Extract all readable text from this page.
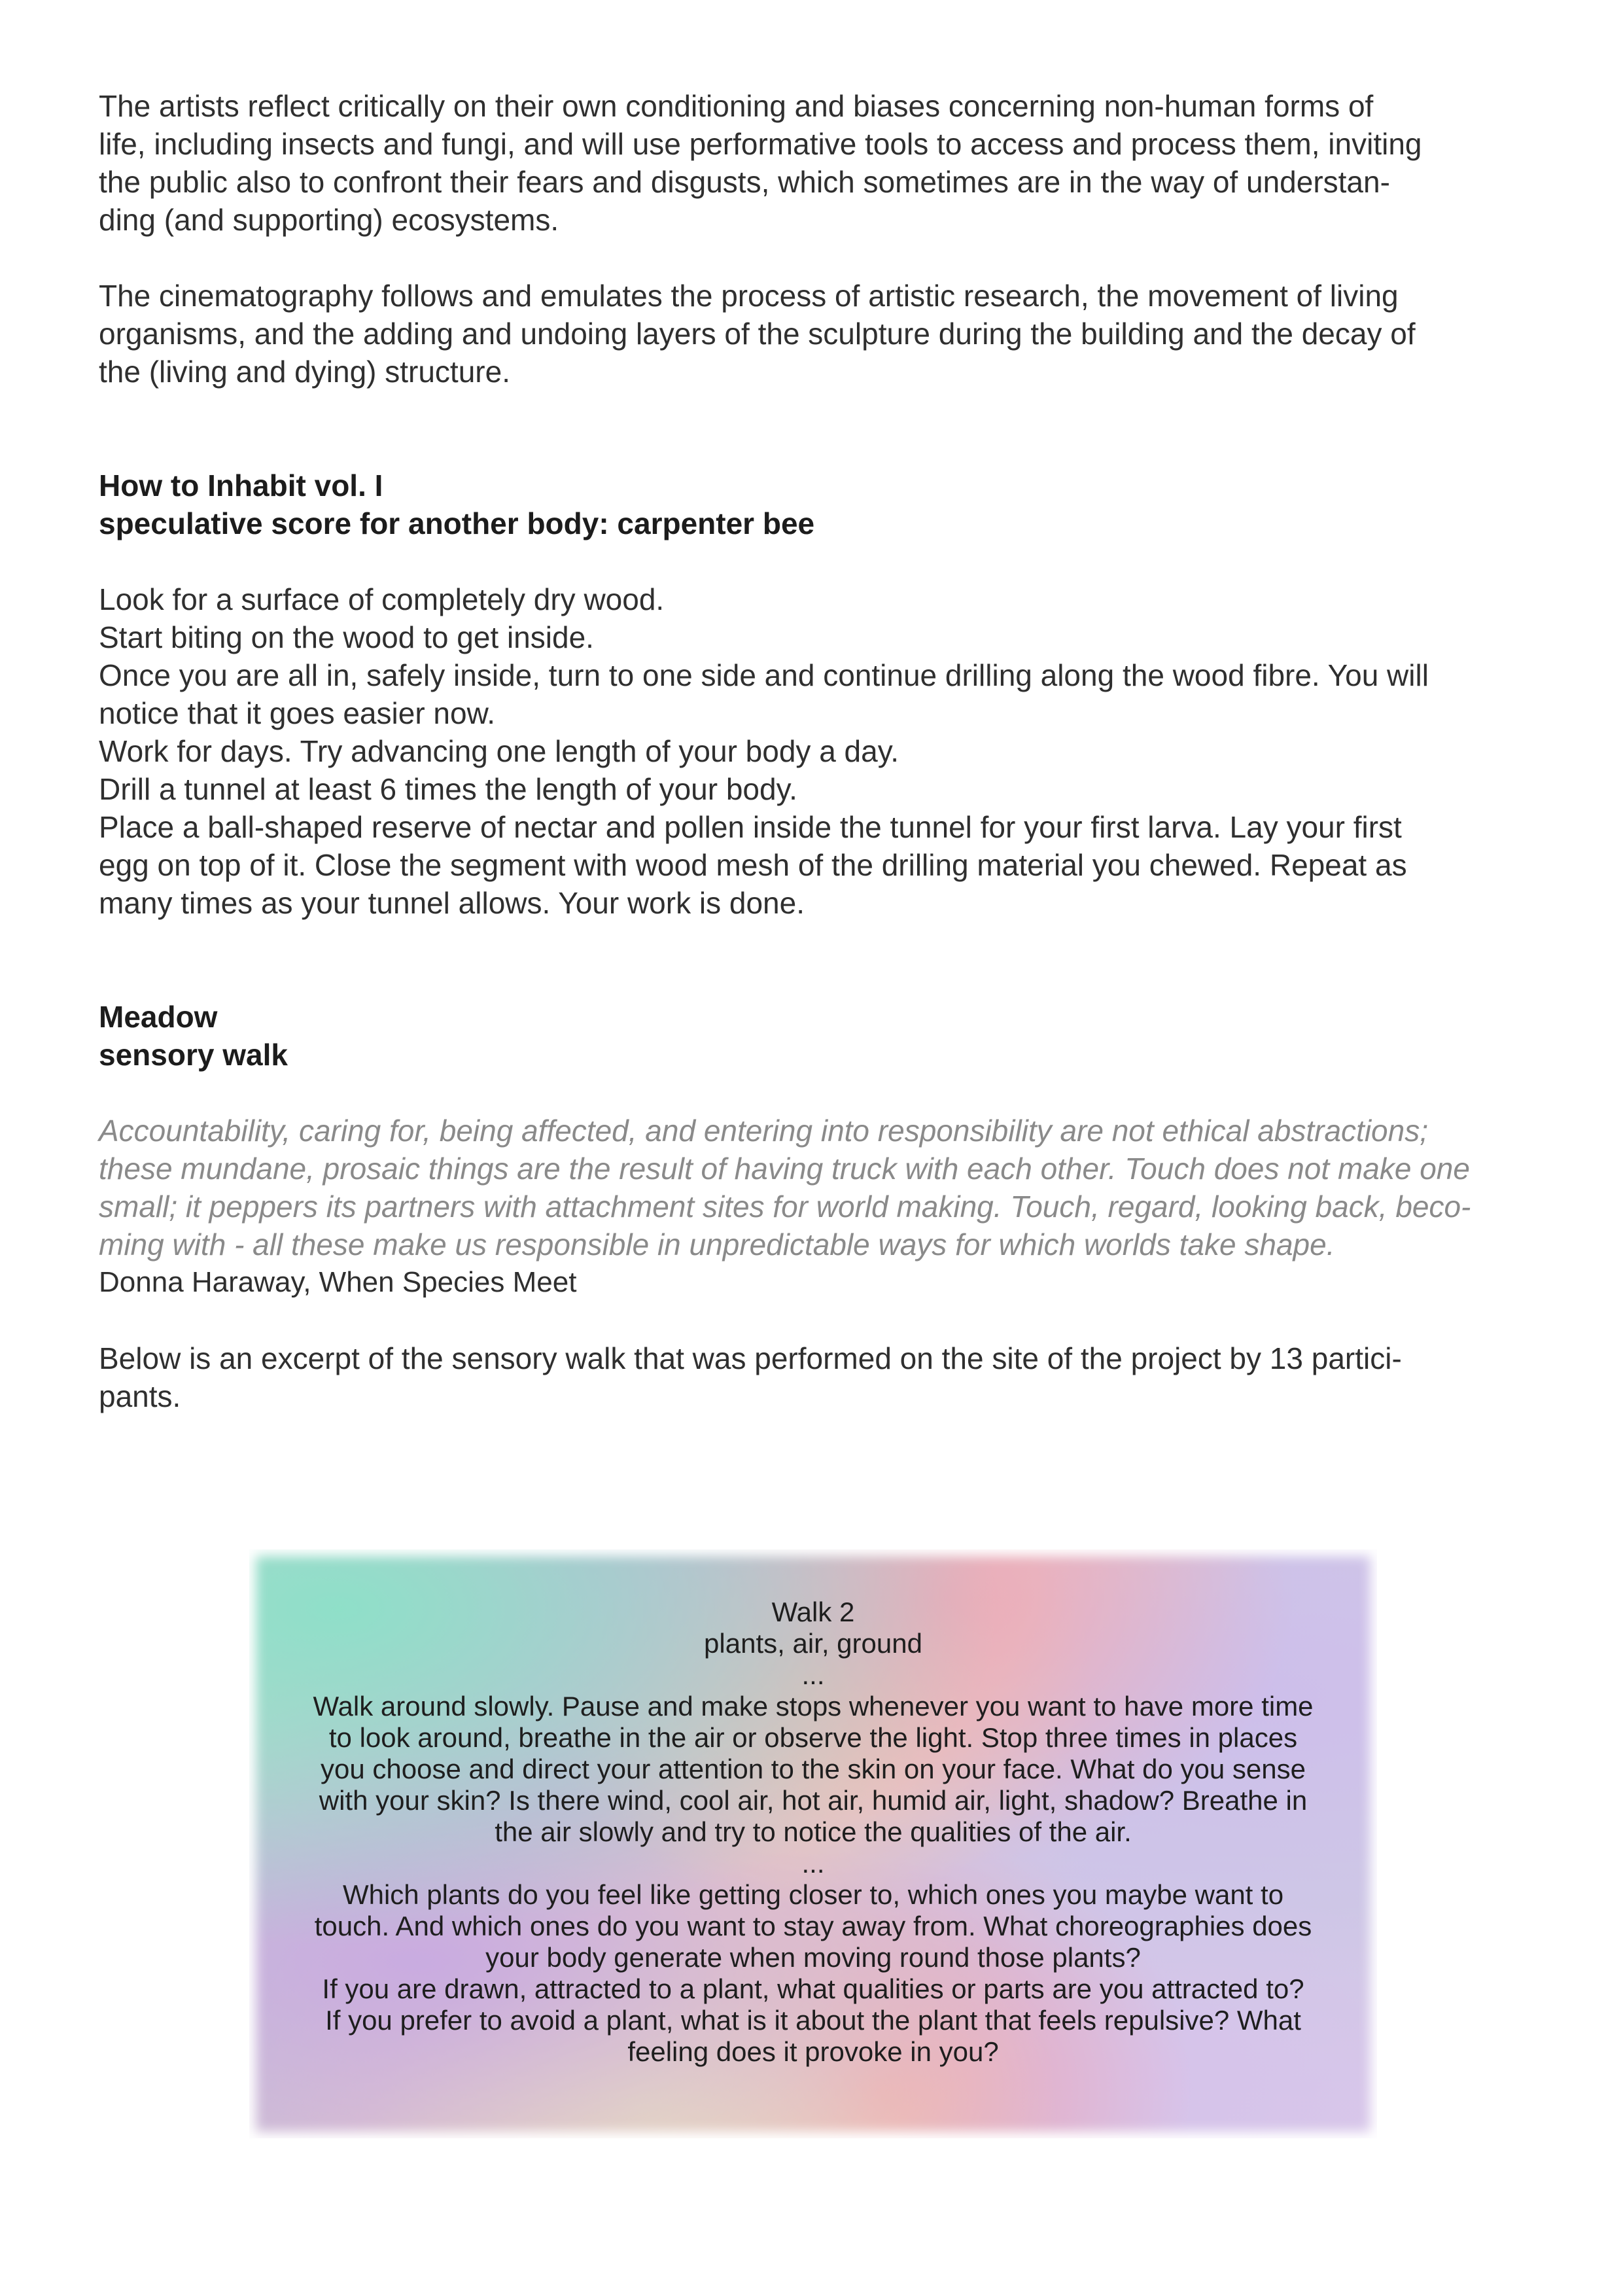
The artists reflect critically on their own conditioning and biases concerning non-human forms of
life, including insects and fungi, and will use performative tools to access and process them, inviting
the public also to confront their fears and disgusts, which sometimes are in the way of understan-
ding (and supporting) ecosystems.

The cinematography follows and emulates the process of artistic research, the movement of living
organisms, and the adding and undoing layers of the sculpture during the building and the decay of
the (living and dying) structure.

How to Inhabit vol. I

speculative score for another body: carpenter bee

Look for a surface of completely dry wood.
Start biting on the wood to get inside.
Once you are all in, safely inside, turn to one side and continue drilling along the wood fibre. You will
notice that it goes easier now.
Work for days. Try advancing one length of your body a day.
Drill a tunnel at least 6 times the length of your body.
Place a ball-shaped reserve of nectar and pollen inside the tunnel for your first larva. Lay your first
egg on top of it. Close the segment with wood mesh of the drilling material you chewed. Repeat as
many times as your tunnel allows. Your work is done.

Meadow

sensory walk

Accountability, caring for, being affected, and entering into responsibility are not ethical abstractions;
these mundane, prosaic things are the result of having truck with each other. Touch does not make one
small; it peppers its partners with attachment sites for world making. Touch, regard, looking back, beco-
ming with - all these make us responsible in unpredictable ways for which worlds take shape.

Donna Haraway, When Species Meet

Below is an excerpt of the sensory walk that was performed on the site of the project by 13 partici-
pants.

Walk 2
plants, air, ground
...
Walk around slowly. Pause and make stops whenever you want to have more time
to look around, breathe in the air or observe the light. Stop three times in places
you choose and direct your attention to the skin on your face. What do you sense
with your skin? Is there wind, cool air, hot air, humid air, light, shadow? Breathe in
the air slowly and try to notice the qualities of the air.
...
Which plants do you feel like getting closer to, which ones you maybe want to
touch. And which ones do you want to stay away from. What choreographies does
your body generate when moving round those plants?
If you are drawn, attracted to a plant, what qualities or parts are you attracted to?
If you prefer to avoid a plant, what is it about the plant that feels repulsive? What
feeling does it provoke in you?
